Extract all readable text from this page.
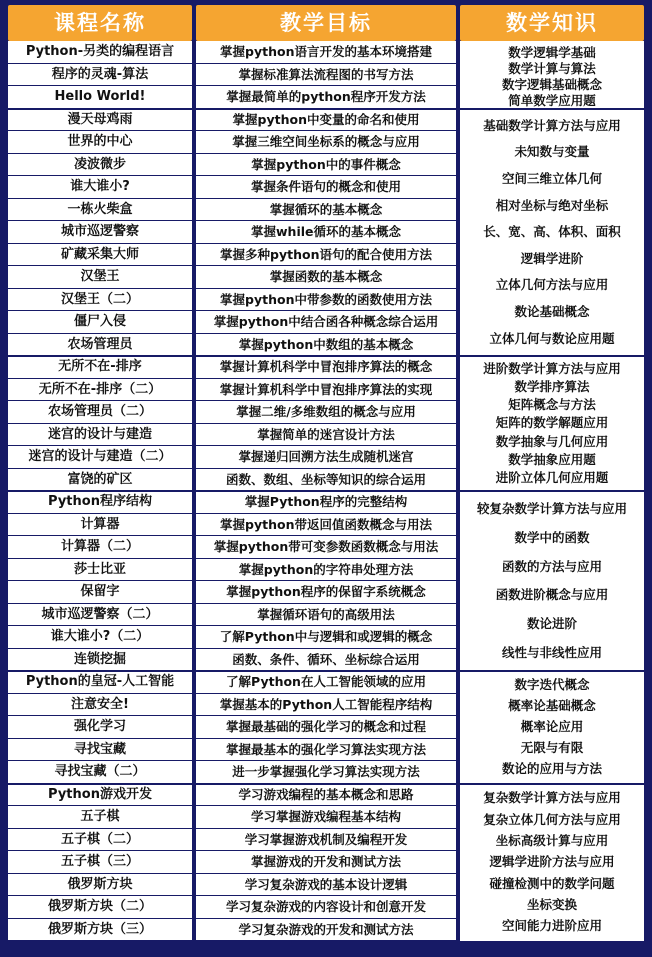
课程名称	教学目标	数学知识
Python-另类的编程语言	掌握python语言开发的基本环境搭建
程序的灵魂-算法	掌握标准算法流程图的书写方法
Hello World!	掌握最简单的python程序开发方法
数学逻辑学基础
数学计算与算法
数字逻辑基础概念
简单数学应用题
漫天母鸡雨	掌握python中变量的命名和使用
世界的中心	掌握三维空间坐标系的概念与应用
凌波微步	掌握python中的事件概念
谁大谁小?	掌握条件语句的概念和使用
一栋火柴盒	掌握循环的基本概念
城市巡逻警察	掌握while循环的基本概念
矿藏采集大师	掌握多种python语句的配合使用方法
汉堡王	掌握函数的基本概念
汉堡王（二）	掌握python中带参数的函数使用方法
僵尸入侵	掌握python中结合函各种概念综合运用
农场管理员	掌握python中数组的基本概念
基础数学计算方法与应用
未知数与变量
空间三维立体几何
相对坐标与绝对坐标
长、宽、高、体积、面积
逻辑学进阶
立体几何方法与应用
数论基础概念
立体几何与数论应用题
无所不在-排序	掌握计算机科学中冒泡排序算法的概念
无所不在-排序（二）	掌握计算机科学中冒泡排序算法的实现
农场管理员（二）	掌握二维/多维数组的概念与应用
迷宫的设计与建造	掌握简单的迷宫设计方法
迷宫的设计与建造（二）	掌握递归回溯方法生成随机迷宫
富饶的矿区	函数、数组、坐标等知识的综合运用
进阶数学计算方法与应用
数学排序算法
矩阵概念与方法
矩阵的数学解题应用
数学抽象与几何应用
数学抽象应用题
进阶立体几何应用题
Python程序结构	掌握Python程序的完整结构
计算器	掌握python带返回值函数概念与用法
计算器（二）	掌握python带可变参数函数概念与用法
莎士比亚	掌握python的字符串处理方法
保留字	掌握python程序的保留字系统概念
城市巡逻警察（二）	掌握循环语句的高级用法
谁大谁小?（二）	了解Python中与逻辑和或逻辑的概念
连锁挖掘	函数、条件、循环、坐标综合运用
较复杂数学计算方法与应用
数学中的函数
函数的方法与应用
函数进阶概念与应用
数论进阶
线性与非线性应用
Python的皇冠-人工智能	了解Python在人工智能领域的应用
注意安全!	掌握基本的Python人工智能程序结构
强化学习	掌握最基础的强化学习的概念和过程
寻找宝藏	掌握最基本的强化学习算法实现方法
寻找宝藏（二）	进一步掌握强化学习算法实现方法
数字迭代概念
概率论基础概念
概率论应用
无限与有限
数论的应用与方法
Python游戏开发	学习游戏编程的基本概念和思路
五子棋	学习掌握游戏编程基本结构
五子棋（二）	学习掌握游戏机制及编程开发
五子棋（三）	掌握游戏的开发和测试方法
俄罗斯方块	学习复杂游戏的基本设计逻辑
俄罗斯方块（二）	学习复杂游戏的内容设计和创意开发
俄罗斯方块（三）	学习复杂游戏的开发和测试方法
复杂数学计算方法与应用
复杂立体几何方法与应用
坐标高级计算与应用
逻辑学进阶方法与应用
碰撞检测中的数学问题
坐标变换
空间能力进阶应用
